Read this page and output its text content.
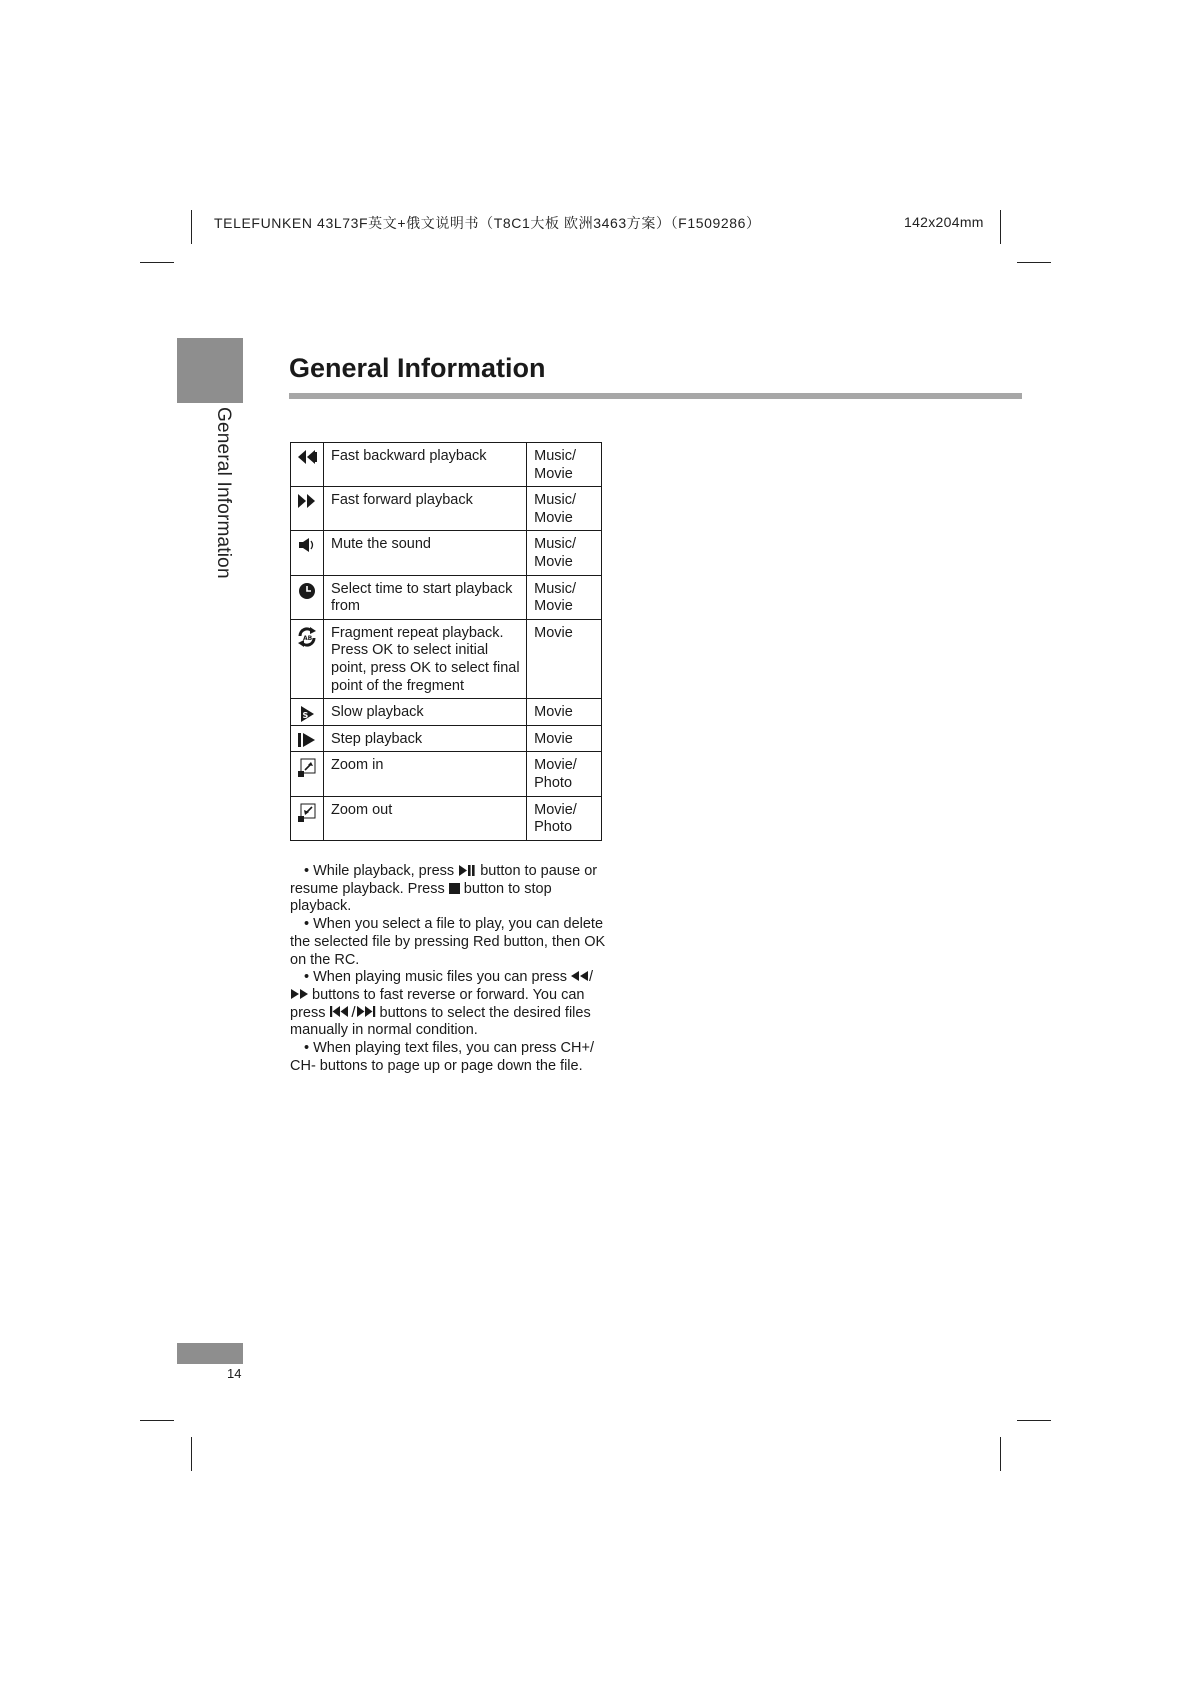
TELEFUNKEN 43L73F英文+俄文说明书（T8C1大板 欧洲3463方案）（F1509286）	142x204mm
General Information
General Information
	Fast backward playback	Music/ Movie

	Fast forward playback	Music/ Movie

	Mute the sound	Music/ Movie

	Select time to start playback from	Music/ Movie

AB	Fragment repeat playback. Press OK to select initial point, press OK to select final point of the fregment	Movie

S	Slow playback	Movie

	Step playback	Movie

	Zoom in	Movie/ Photo

	Zoom out	Movie/ Photo

• While playback, press  button to pause or resume playback. Press  button to stop playback.

• When you select a file to play, you can delete the selected file by pressing Red button, then OK on the RC.

• When playing music files you can press / buttons to fast reverse or forward. You can press	buttons to select the desired files manually in normal condition.

• When playing text files, you can press CH+/ CH- buttons to page up or page down the file.

14
